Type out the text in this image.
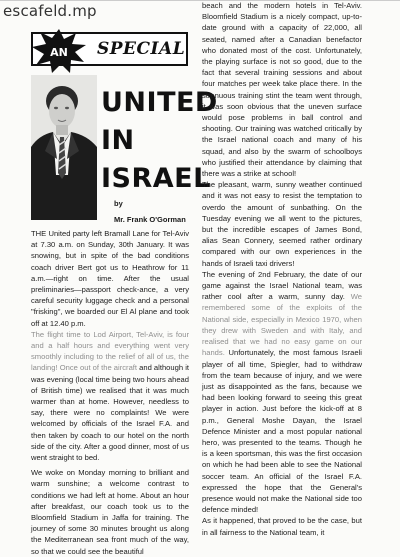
escafeld.mp
AN SPECIAL
UNITED
IN
ISRAEL
by
Mr. Frank O'Gorman

THE United party left Bramall Lane for Tel-Aviv at 7.30 a.m. on Sunday, 30th January. It was snowing, but in spite of the bad conditions coach driver Bert got us to Heathrow for 11 a.m.—right on time. After the usual preliminaries—passport check-ance, a very careful security luggage check and a personal "frisking", we boarded our El Al plane and took off at 12.40 p.m.

The flight time to Lod Airport, Tel-Aviv, is four and a half hours and everything went very smoothly including to the relief of all of us, the landing! Once out of the aircraft and although it was evening (local time being two hours ahead of British time) we realised that it was much warmer than at home. However, needless to say, there were no complaints! We were welcomed by officials of the Israel F.A. and then taken by coach to our hotel on the north side of the city. After a good dinner, most of us went straight to bed.

We woke on Monday morning to brilliant and warm sunshine; a welcome contrast to conditions we had left at home. About an hour after breakfast, our coach took us to the Bloomfield Stadium in Jaffa for training. The journey of some 30 minutes brought us along the Mediterranean sea front much of the way, so that we could see the beautiful

beach and the modern hotels in Tel-Aviv. Bloomfield Stadium is a nicely compact, up-to-date ground with a capacity of 22,000, all seated, named after a Canadian benefactor who donated most of the cost. Unfortunately, the playing surface is not so good, due to the fact that several training sessions and about four matches per week take place there. In the strenuous training stint the team went through, it was soon obvious that the uneven surface would pose problems in ball control and shooting. Our training was watched critically by the Israel national coach and many of his squad, and also by the swarm of schoolboys who justified their attendance by claiming that there was a strike at school!

The pleasant, warm, sunny weather continued and it was not easy to resist the temptation to overdo the amount of sunbathing. On the Tuesday evening we all went to the pictures, but the incredible escapes of James Bond, alias Sean Connery, seemed rather ordinary compared with our own experiences in the hands of Israeli taxi drivers!

The evening of 2nd February, the date of our game against the Israel National team, was rather cool after a warm, sunny day. We remembered some of the exploits of the National side, especially in Mexico 1970, when they drew with Sweden and with Italy, and realised that we had no easy game on our hands. Unfortunately, the most famous Israeli player of all time, Spiegler, had to withdraw from the team because of injury, and we were just as disappointed as the fans, because we had been looking forward to seeing this great player in action. Just before the kick-off at 8 p.m., General Moshe Dayan, the Israel Defence Minister and a most popular national hero, was presented to the teams. Though he is a keen sportsman, this was the first occasion on which he had been able to see the National soccer team. An official of the Israel F.A. expressed the hope that the General's presence would not make the National side too defence minded!

As it happened, that proved to be the case, but in all fairness to the National team, it
